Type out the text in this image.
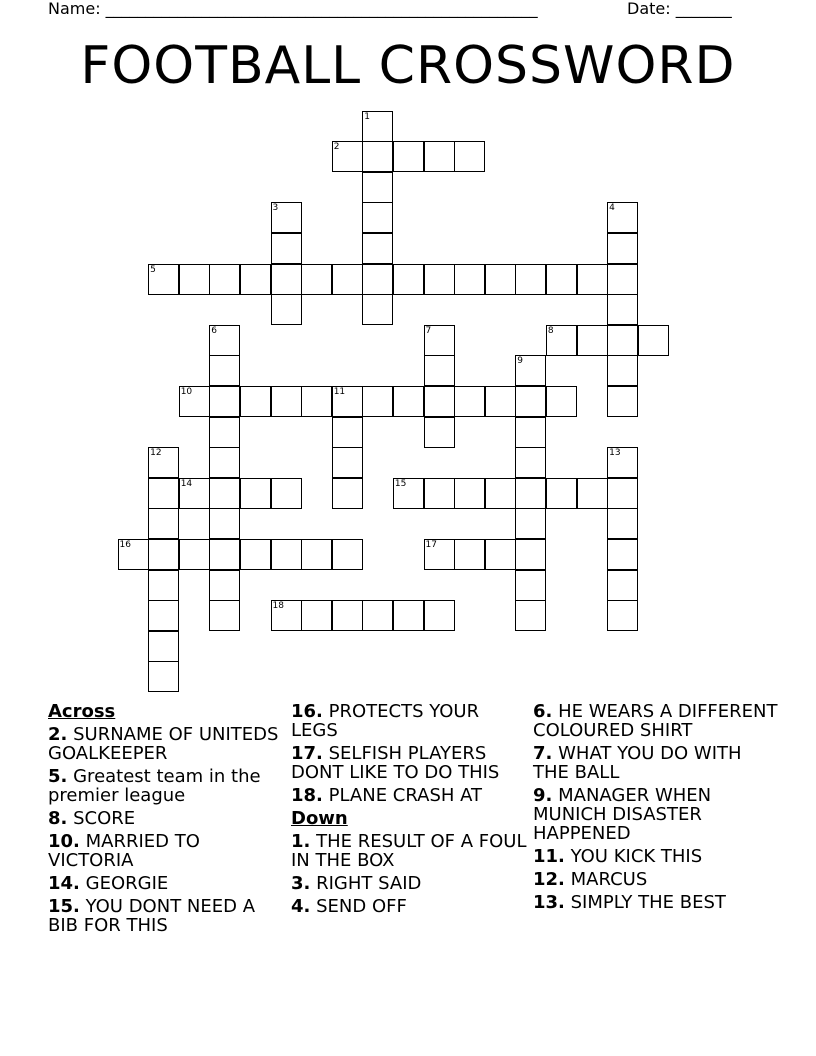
Name: ______________________________________________________	Date: _______
FOOTBALL CROSSWORD
1
2
3	4
5
6	7	8
9
10	11
12	13
14	15
16	17
18
Across

2. SURNAME OF UNITEDS GOALKEEPER

5. Greatest team in the premier league

8. SCORE

10. MARRIED TO VICTORIA

14. GEORGIE

15. YOU DONT NEED A BIB FOR THIS

16. PROTECTS YOUR LEGS

17. SELFISH PLAYERS DONT LIKE TO DO THIS

18. PLANE CRASH AT

Down

1. THE RESULT OF A FOUL IN THE BOX

3. RIGHT SAID

4. SEND OFF

6. HE WEARS A DIFFERENT COLOURED SHIRT

7. WHAT YOU DO WITH THE BALL

9. MANAGER WHEN MUNICH DISASTER HAPPENED

11. YOU KICK THIS

12. MARCUS

13. SIMPLY THE BEST
